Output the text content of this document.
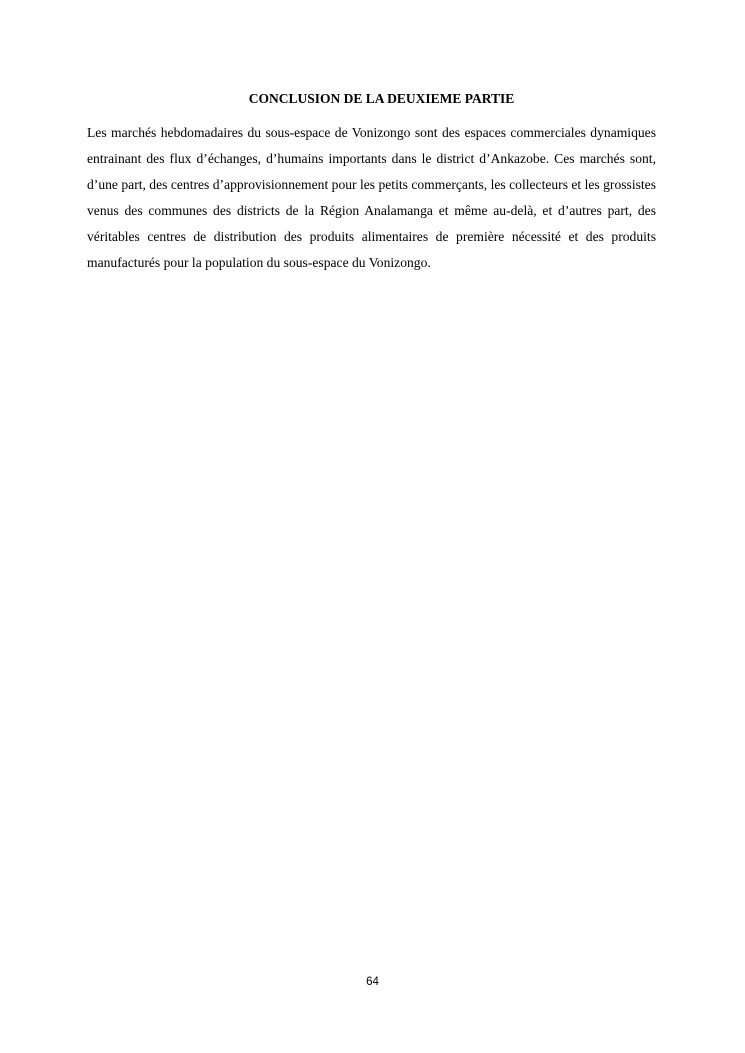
CONCLUSION DE LA DEUXIEME PARTIE

Les marchés hebdomadaires du sous-espace de Vonizongo sont des espaces commerciales dynamiques entrainant des flux d’échanges, d’humains importants dans le district d’Ankazobe. Ces marchés sont, d’une part, des centres d’approvisionnement pour les petits commerçants, les collecteurs et les grossistes venus des communes des districts de la Région Analamanga et même au-delà, et d’autres part, des véritables centres de distribution des produits alimentaires de première nécessité et des produits manufacturés pour la population du sous-espace du Vonizongo.

64
